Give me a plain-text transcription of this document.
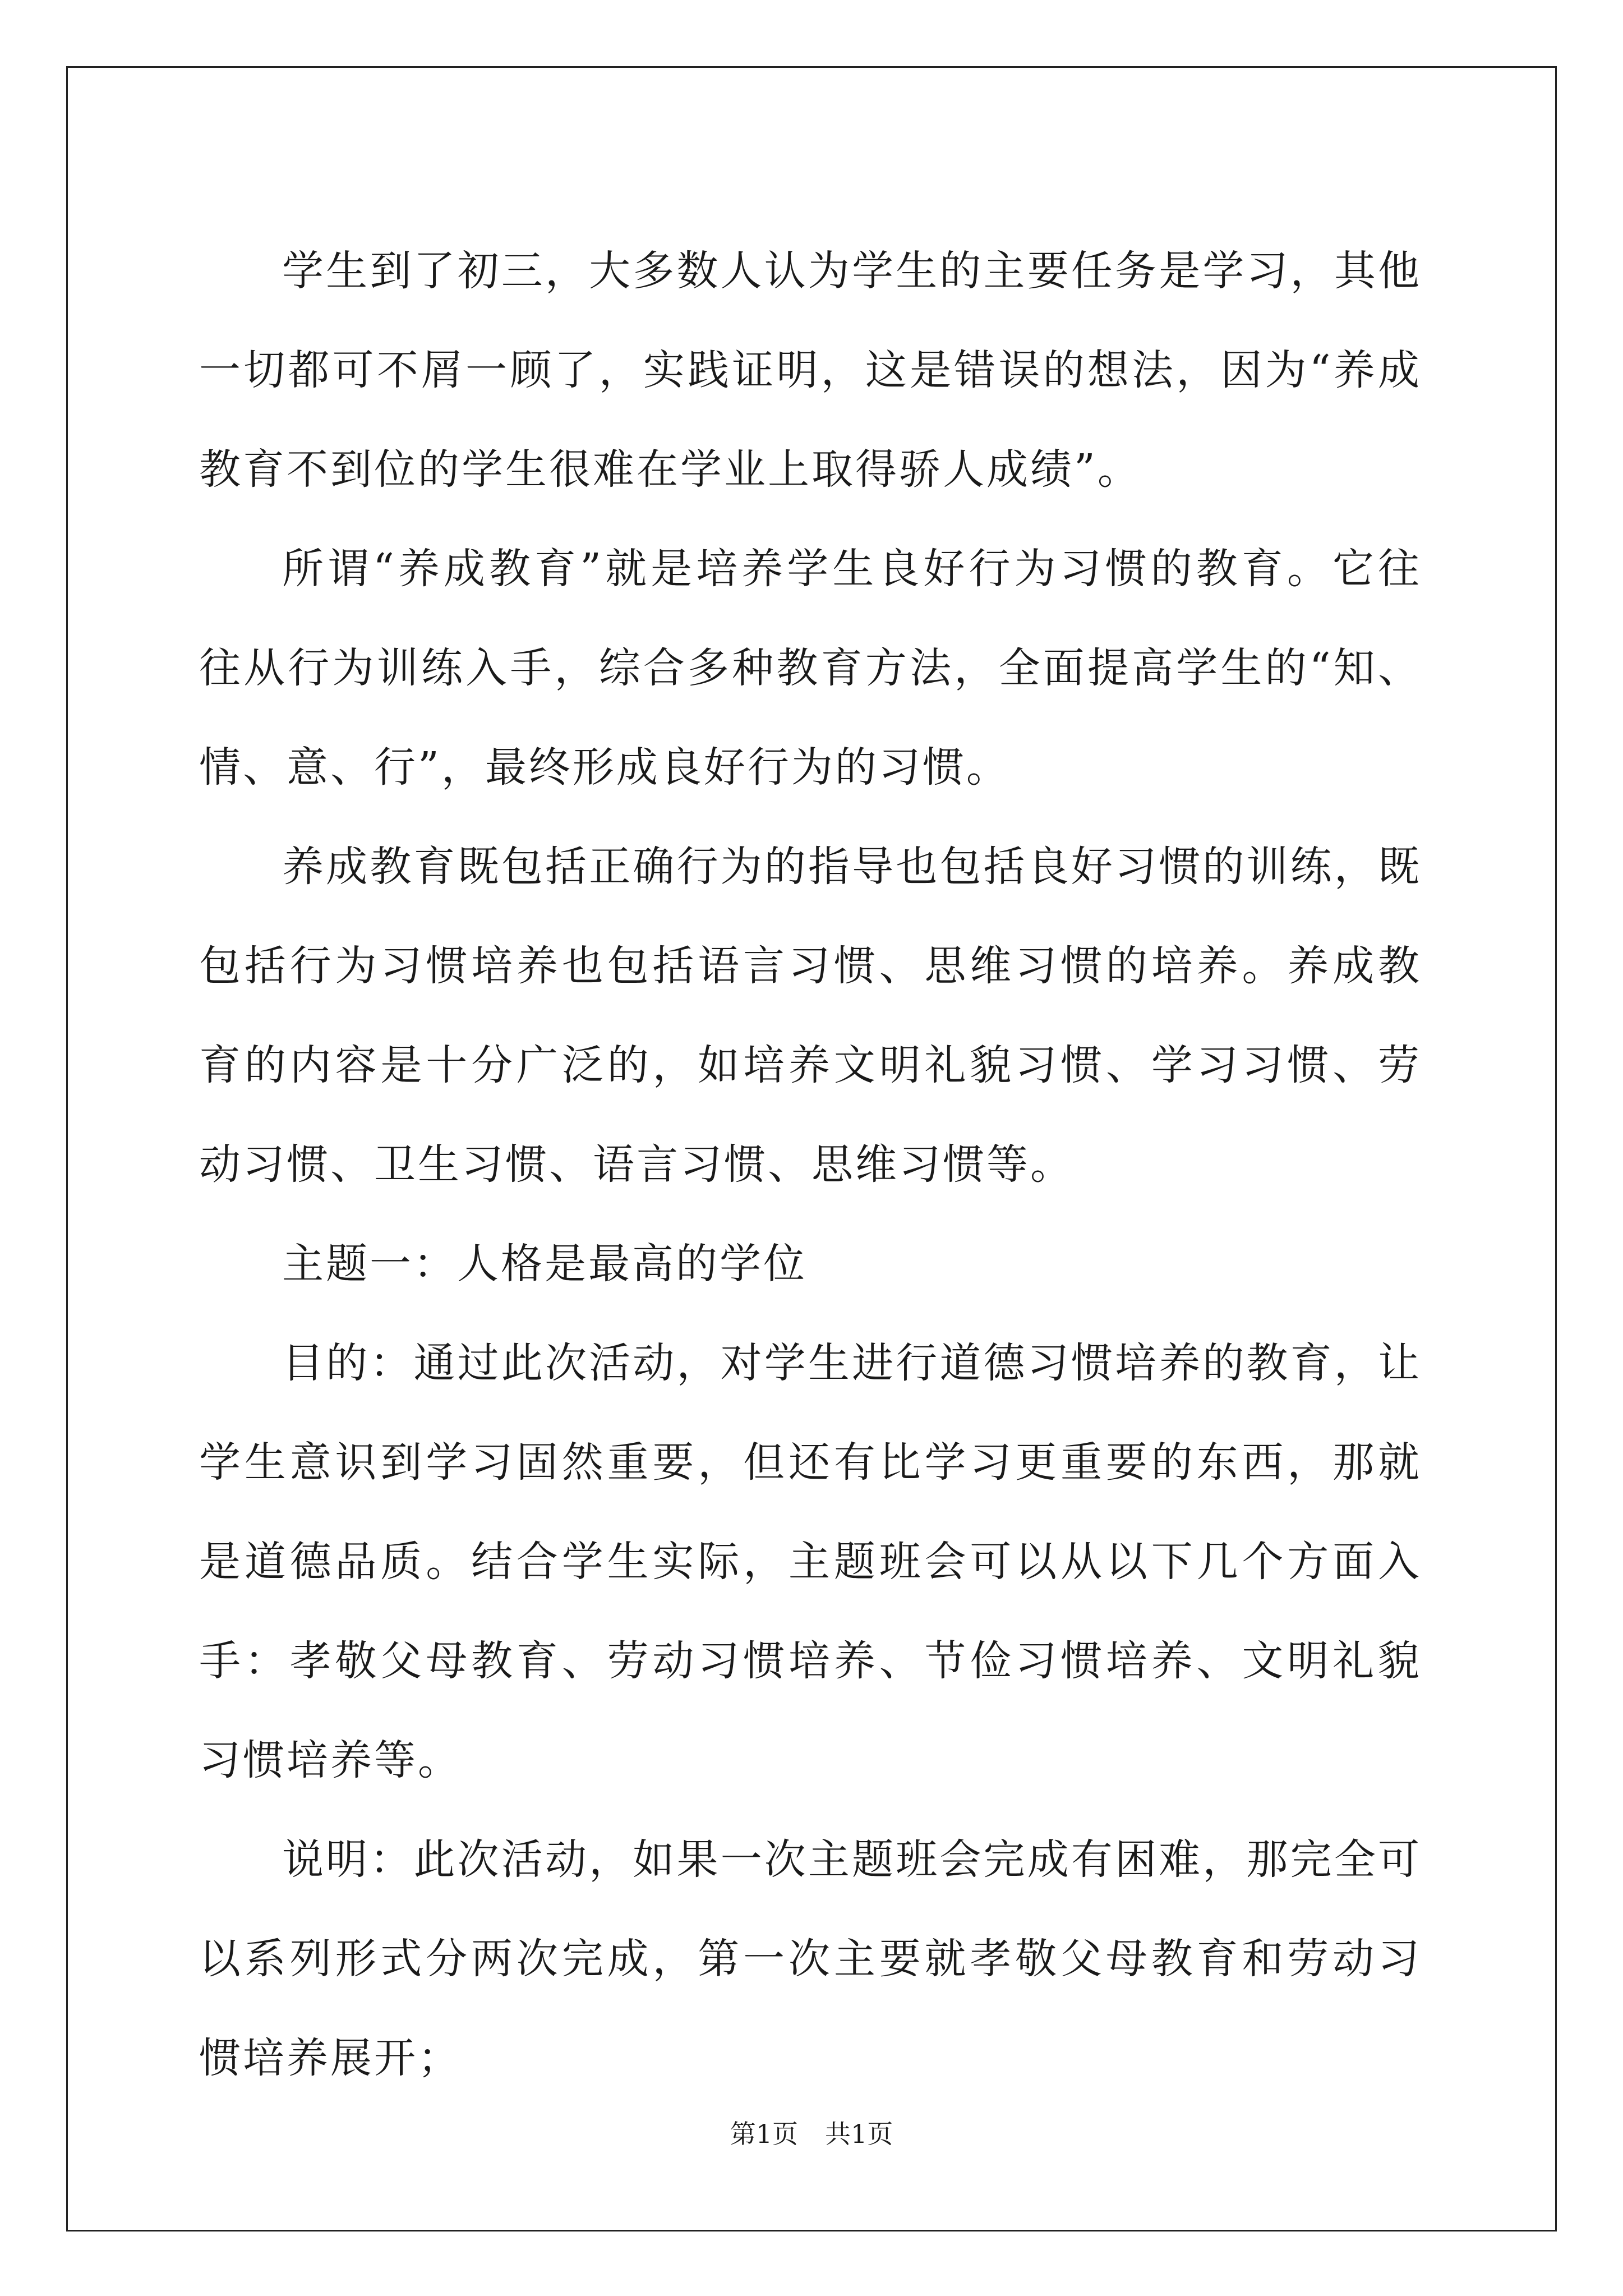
学生到了初三，大多数人认为学生的主要任务是学习，其他一切都可不屑一顾了，实践证明，这是错误的想法，因为“养成教育不到位的学生很难在学业上取得骄人成绩”。

所谓“养成教育”就是培养学生良好行为习惯的教育。它往往从行为训练入手，综合多种教育方法，全面提高学生的“知、情、意、行”，最终形成良好行为的习惯。

养成教育既包括正确行为的指导也包括良好习惯的训练，既包括行为习惯培养也包括语言习惯、思维习惯的培养。养成教育的内容是十分广泛的，如培养文明礼貌习惯、学习习惯、劳动习惯、卫生习惯、语言习惯、思维习惯等。

主题一：人格是最高的学位

目的：通过此次活动，对学生进行道德习惯培养的教育，让学生意识到学习固然重要，但还有比学习更重要的东西，那就是道德品质。结合学生实际，主题班会可以从以下几个方面入手：孝敬父母教育、劳动习惯培养、节俭习惯培养、文明礼貌习惯培养等。

说明：此次活动，如果一次主题班会完成有困难，那完全可以系列形式分两次完成，第一次主要就孝敬父母教育和劳动习惯培养展开；

第1页 共1页
